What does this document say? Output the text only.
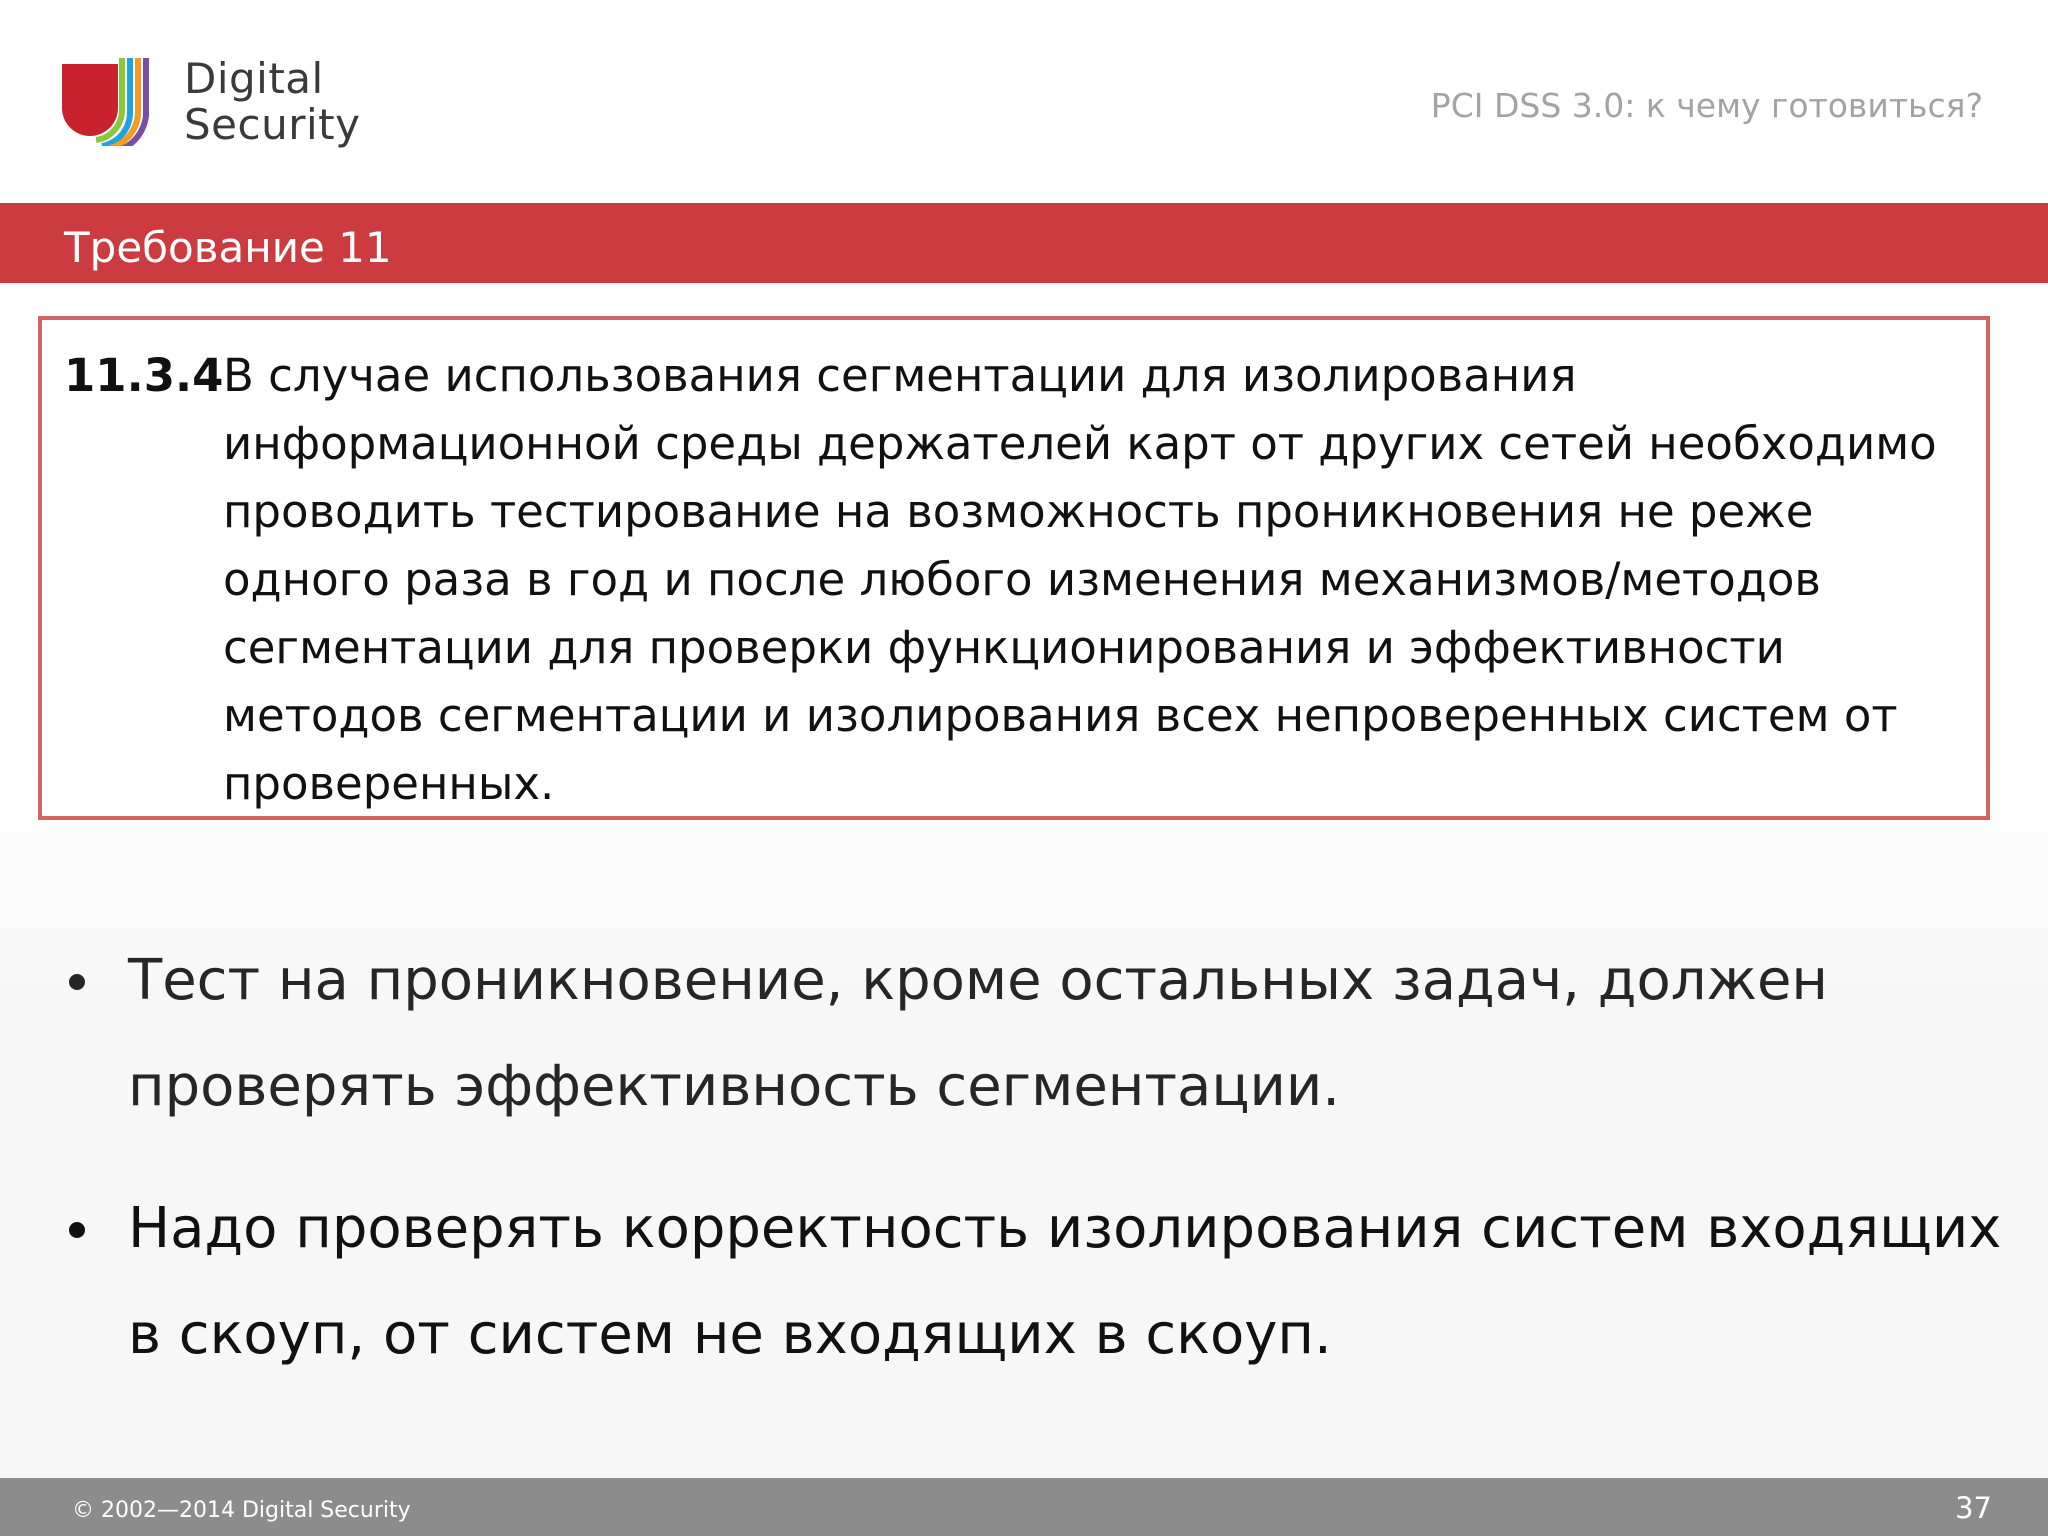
Digital
Security	PCI DSS 3.0: к чему готовиться?
Требование 11
11.3.4 В случае использования сегментации для изолирования
информационной среды держателей карт от других сетей необходимо
проводить тестирование на возможность проникновения не реже
одного раза в год и после любого изменения механизмов/методов
сегментации для проверки функционирования и эффективности
методов сегментации и изолирования всех непроверенных систем от
проверенных.
Тест на проникновение, кроме остальных задач, должен
проверять эффективность сегментации.
Надо проверять корректность изолирования систем входящих
в скоуп, от систем не входящих в скоуп.
© 2002—2014 Digital Security	37
